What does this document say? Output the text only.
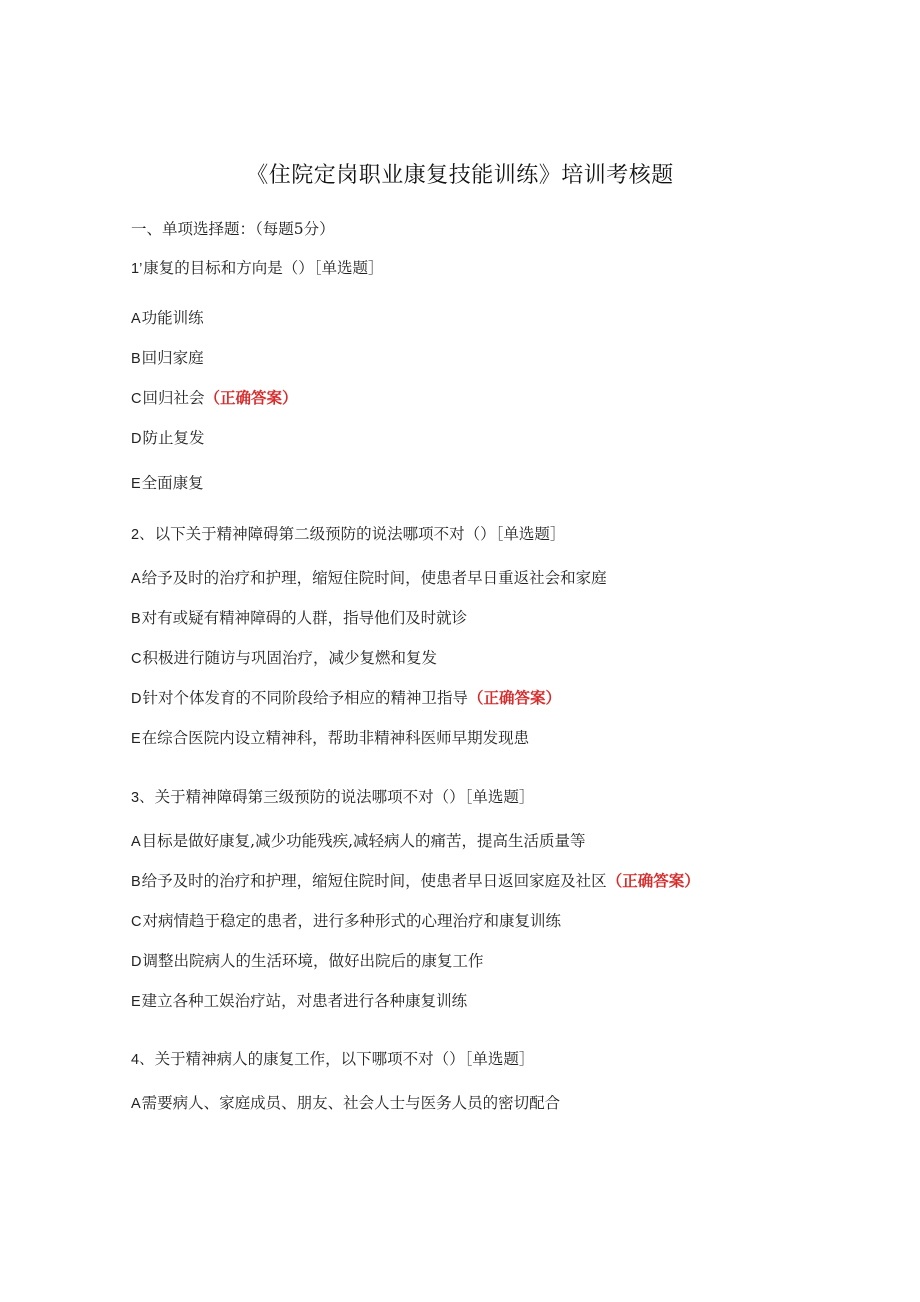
《住院定岗职业康复技能训练》培训考核题
一、单项选择题：（每题5分）
1’康复的目标和方向是（）［单选题］
A功能训练
B回归家庭
C回归社会（正确答案）
D防止复发
E全面康复
2、以下关于精神障碍第二级预防的说法哪项不对（）［单选题］
A给予及时的治疗和护理，缩短住院时间，使患者早日重返社会和家庭
B对有或疑有精神障碍的人群，指导他们及时就诊
C积极进行随访与巩固治疗，减少复燃和复发
D针对个体发育的不同阶段给予相应的精神卫指导（正确答案）
E在综合医院内设立精神科，帮助非精神科医师早期发现患
3、关于精神障碍第三级预防的说法哪项不对（）［单选题］
A目标是做好康复,减少功能残疾,减轻病人的痛苦，提高生活质量等
B给予及时的治疗和护理，缩短住院时间，使患者早日返回家庭及社区（正确答案）
C对病情趋于稳定的患者，进行多种形式的心理治疗和康复训练
D调整出院病人的生活环境，做好出院后的康复工作
E建立各种工娱治疗站，对患者进行各种康复训练
4、关于精神病人的康复工作，以下哪项不对（）［单选题］
A需要病人、家庭成员、朋友、社会人士与医务人员的密切配合
